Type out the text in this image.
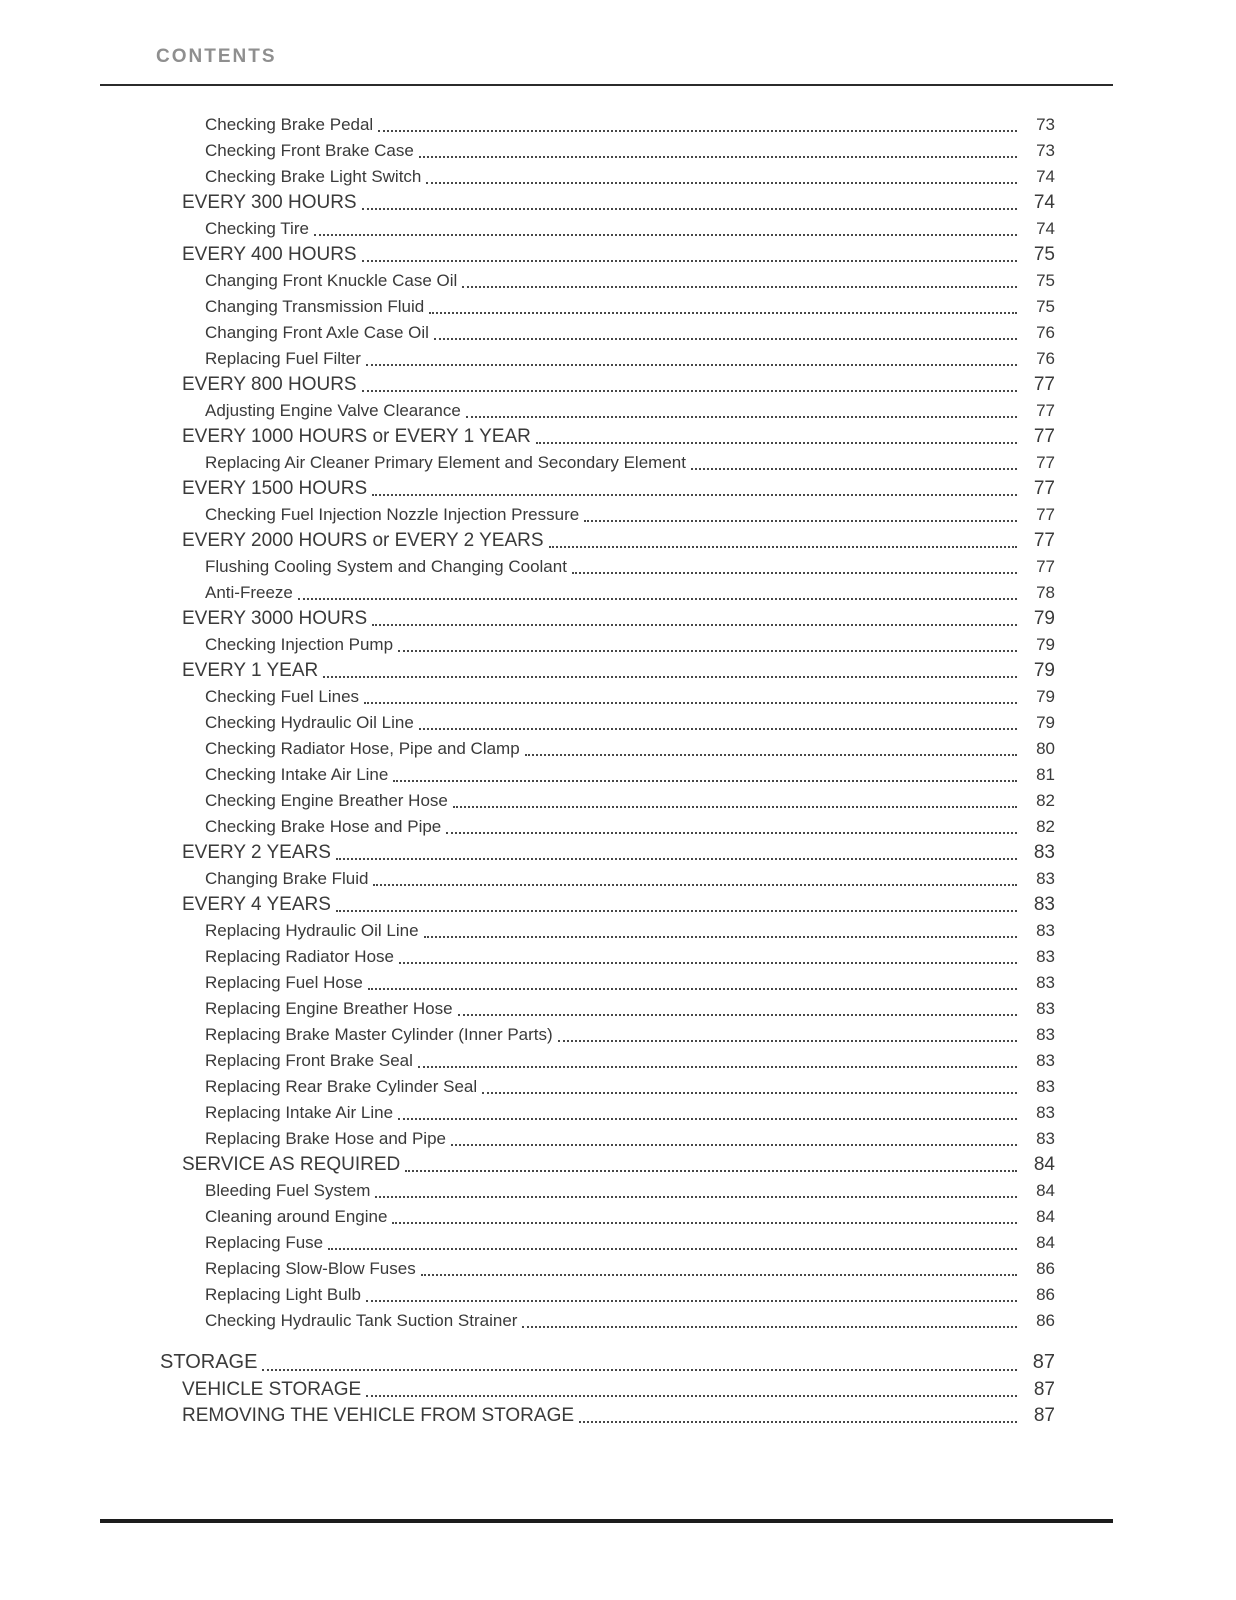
CONTENTS
Checking Brake Pedal	73
Checking Front Brake Case	73
Checking Brake Light Switch	74
EVERY 300 HOURS	74
Checking Tire	74
EVERY 400 HOURS	75
Changing Front Knuckle Case Oil	75
Changing Transmission Fluid	75
Changing Front Axle Case Oil	76
Replacing Fuel Filter	76
EVERY 800 HOURS	77
Adjusting Engine Valve Clearance	77
EVERY 1000 HOURS or EVERY 1 YEAR	77
Replacing Air Cleaner Primary Element and Secondary Element	77
EVERY 1500 HOURS	77
Checking Fuel Injection Nozzle Injection Pressure	77
EVERY 2000 HOURS or EVERY 2 YEARS	77
Flushing Cooling System and Changing Coolant	77
Anti-Freeze	78
EVERY 3000 HOURS	79
Checking Injection Pump	79
EVERY 1 YEAR	79
Checking Fuel Lines	79
Checking Hydraulic Oil Line	79
Checking Radiator Hose, Pipe and Clamp	80
Checking Intake Air Line	81
Checking Engine Breather Hose	82
Checking Brake Hose and Pipe	82
EVERY 2 YEARS	83
Changing Brake Fluid	83
EVERY 4 YEARS	83
Replacing Hydraulic Oil Line	83
Replacing Radiator Hose	83
Replacing Fuel Hose	83
Replacing Engine Breather Hose	83
Replacing Brake Master Cylinder (Inner Parts)	83
Replacing Front Brake Seal	83
Replacing Rear Brake Cylinder Seal	83
Replacing Intake Air Line	83
Replacing Brake Hose and Pipe	83
SERVICE AS REQUIRED	84
Bleeding Fuel System	84
Cleaning around Engine	84
Replacing Fuse	84
Replacing Slow-Blow Fuses	86
Replacing Light Bulb	86
Checking Hydraulic Tank Suction Strainer	86
STORAGE	87
VEHICLE STORAGE	87
REMOVING THE VEHICLE FROM STORAGE	87
